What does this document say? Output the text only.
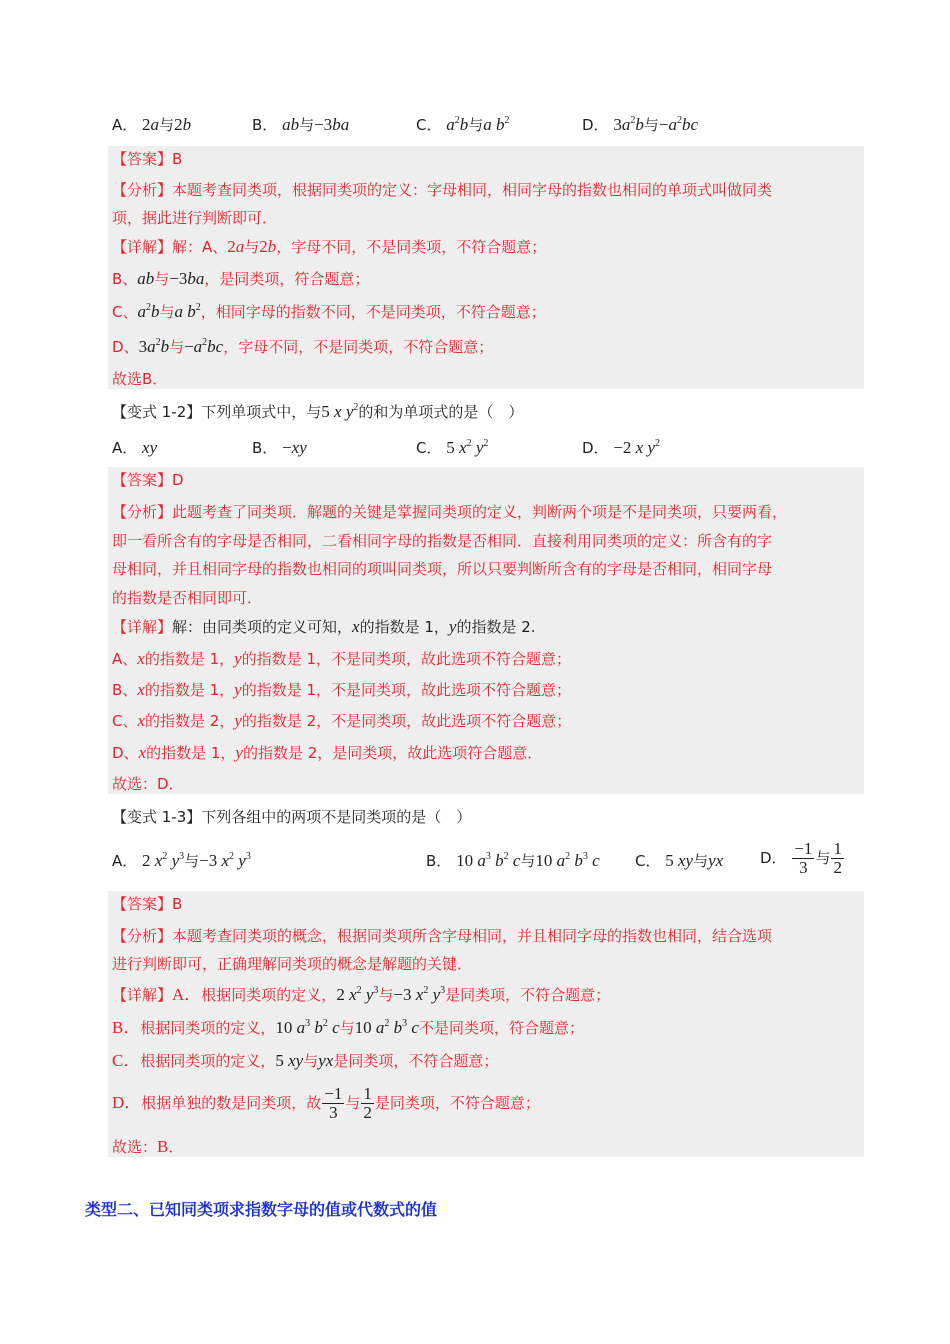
A． 2a与2b	B． ab与−3ba	C． $a^2b$与a $b^2$	D． $3a^2b$与$-a^2bc$
【答案】B
【分析】本题考查同类项，根据同类项的定义：字母相同，相同字母的指数也相同的单项式叫做同类
项，据此进行判断即可．
【详解】解：A、2a与2b，字母不同，不是同类项，不符合题意；
B、ab与−3ba，是同类项，符合题意；
C、$a^2b$与a $b^2$，相同字母的指数不同，不是同类项，不符合题意；
D、$3a^2b$与$-a^2bc$，字母不同，不是同类项，不符合题意；
故选B．
【变式 1-2】下列单项式中，与5 x $y^2$的和为单项式的是（　）
A． xy	B． −xy	C． 5 $x^2$ $y^2$	D． −2 x $y^2$
【答案】D
【分析】此题考查了同类项．解题的关键是掌握同类项的定义，判断两个项是不是同类项，只要两看，
即一看所含有的字母是否相同，二看相同字母的指数是否相同．直接利用同类项的定义：所含有的字
母相同，并且相同字母的指数也相同的项叫同类项，所以只要判断所含有的字母是否相同，相同字母
的指数是否相同即可．
【详解】解：由同类项的定义可知，x的指数是 1，y的指数是 2.
A、x的指数是 1，y的指数是 1，不是同类项，故此选项不符合题意；
B、x的指数是 1，y的指数是 1，不是同类项，故此选项不符合题意；
C、x的指数是 2，y的指数是 2，不是同类项，故此选项不符合题意；
D、x的指数是 1，y的指数是 2，是同类项，故此选项符合题意．
故选：D．
【变式 1-3】下列各组中的两项不是同类项的是（　）
A． 2 $x^2$ $y^3$与−3 $x^2$ $y^3$	B． 10 $a^3$ $b^2$ c与10 $a^2$ $b^3$ c C． 5 xy与yx D． $\frac{-1}{3}$ 与 $\frac{1}{2}$
【答案】B
【分析】本题考查同类项的概念，根据同类项所含字母相同，并且相同字母的指数也相同，结合选项
进行判断即可，正确理解同类项的概念是解题的关键．
【详解】A．根据同类项的定义，2 $x^2$ $y^3$与−3 $x^2$ $y^3$是同类项，不符合题意；
B．根据同类项的定义，10 $a^3$ $b^2$ c与10 $a^2$ $b^3$ c不是同类项，符合题意；
C．根据同类项的定义，5 xy与yx是同类项，不符合题意；
D．根据单独的数是同类项，故 $\frac{-1}{3}$ 与 $\frac{1}{2}$ 是同类项，不符合题意；
故选：B．
类型二、已知同类项求指数字母的值或代数式的值
